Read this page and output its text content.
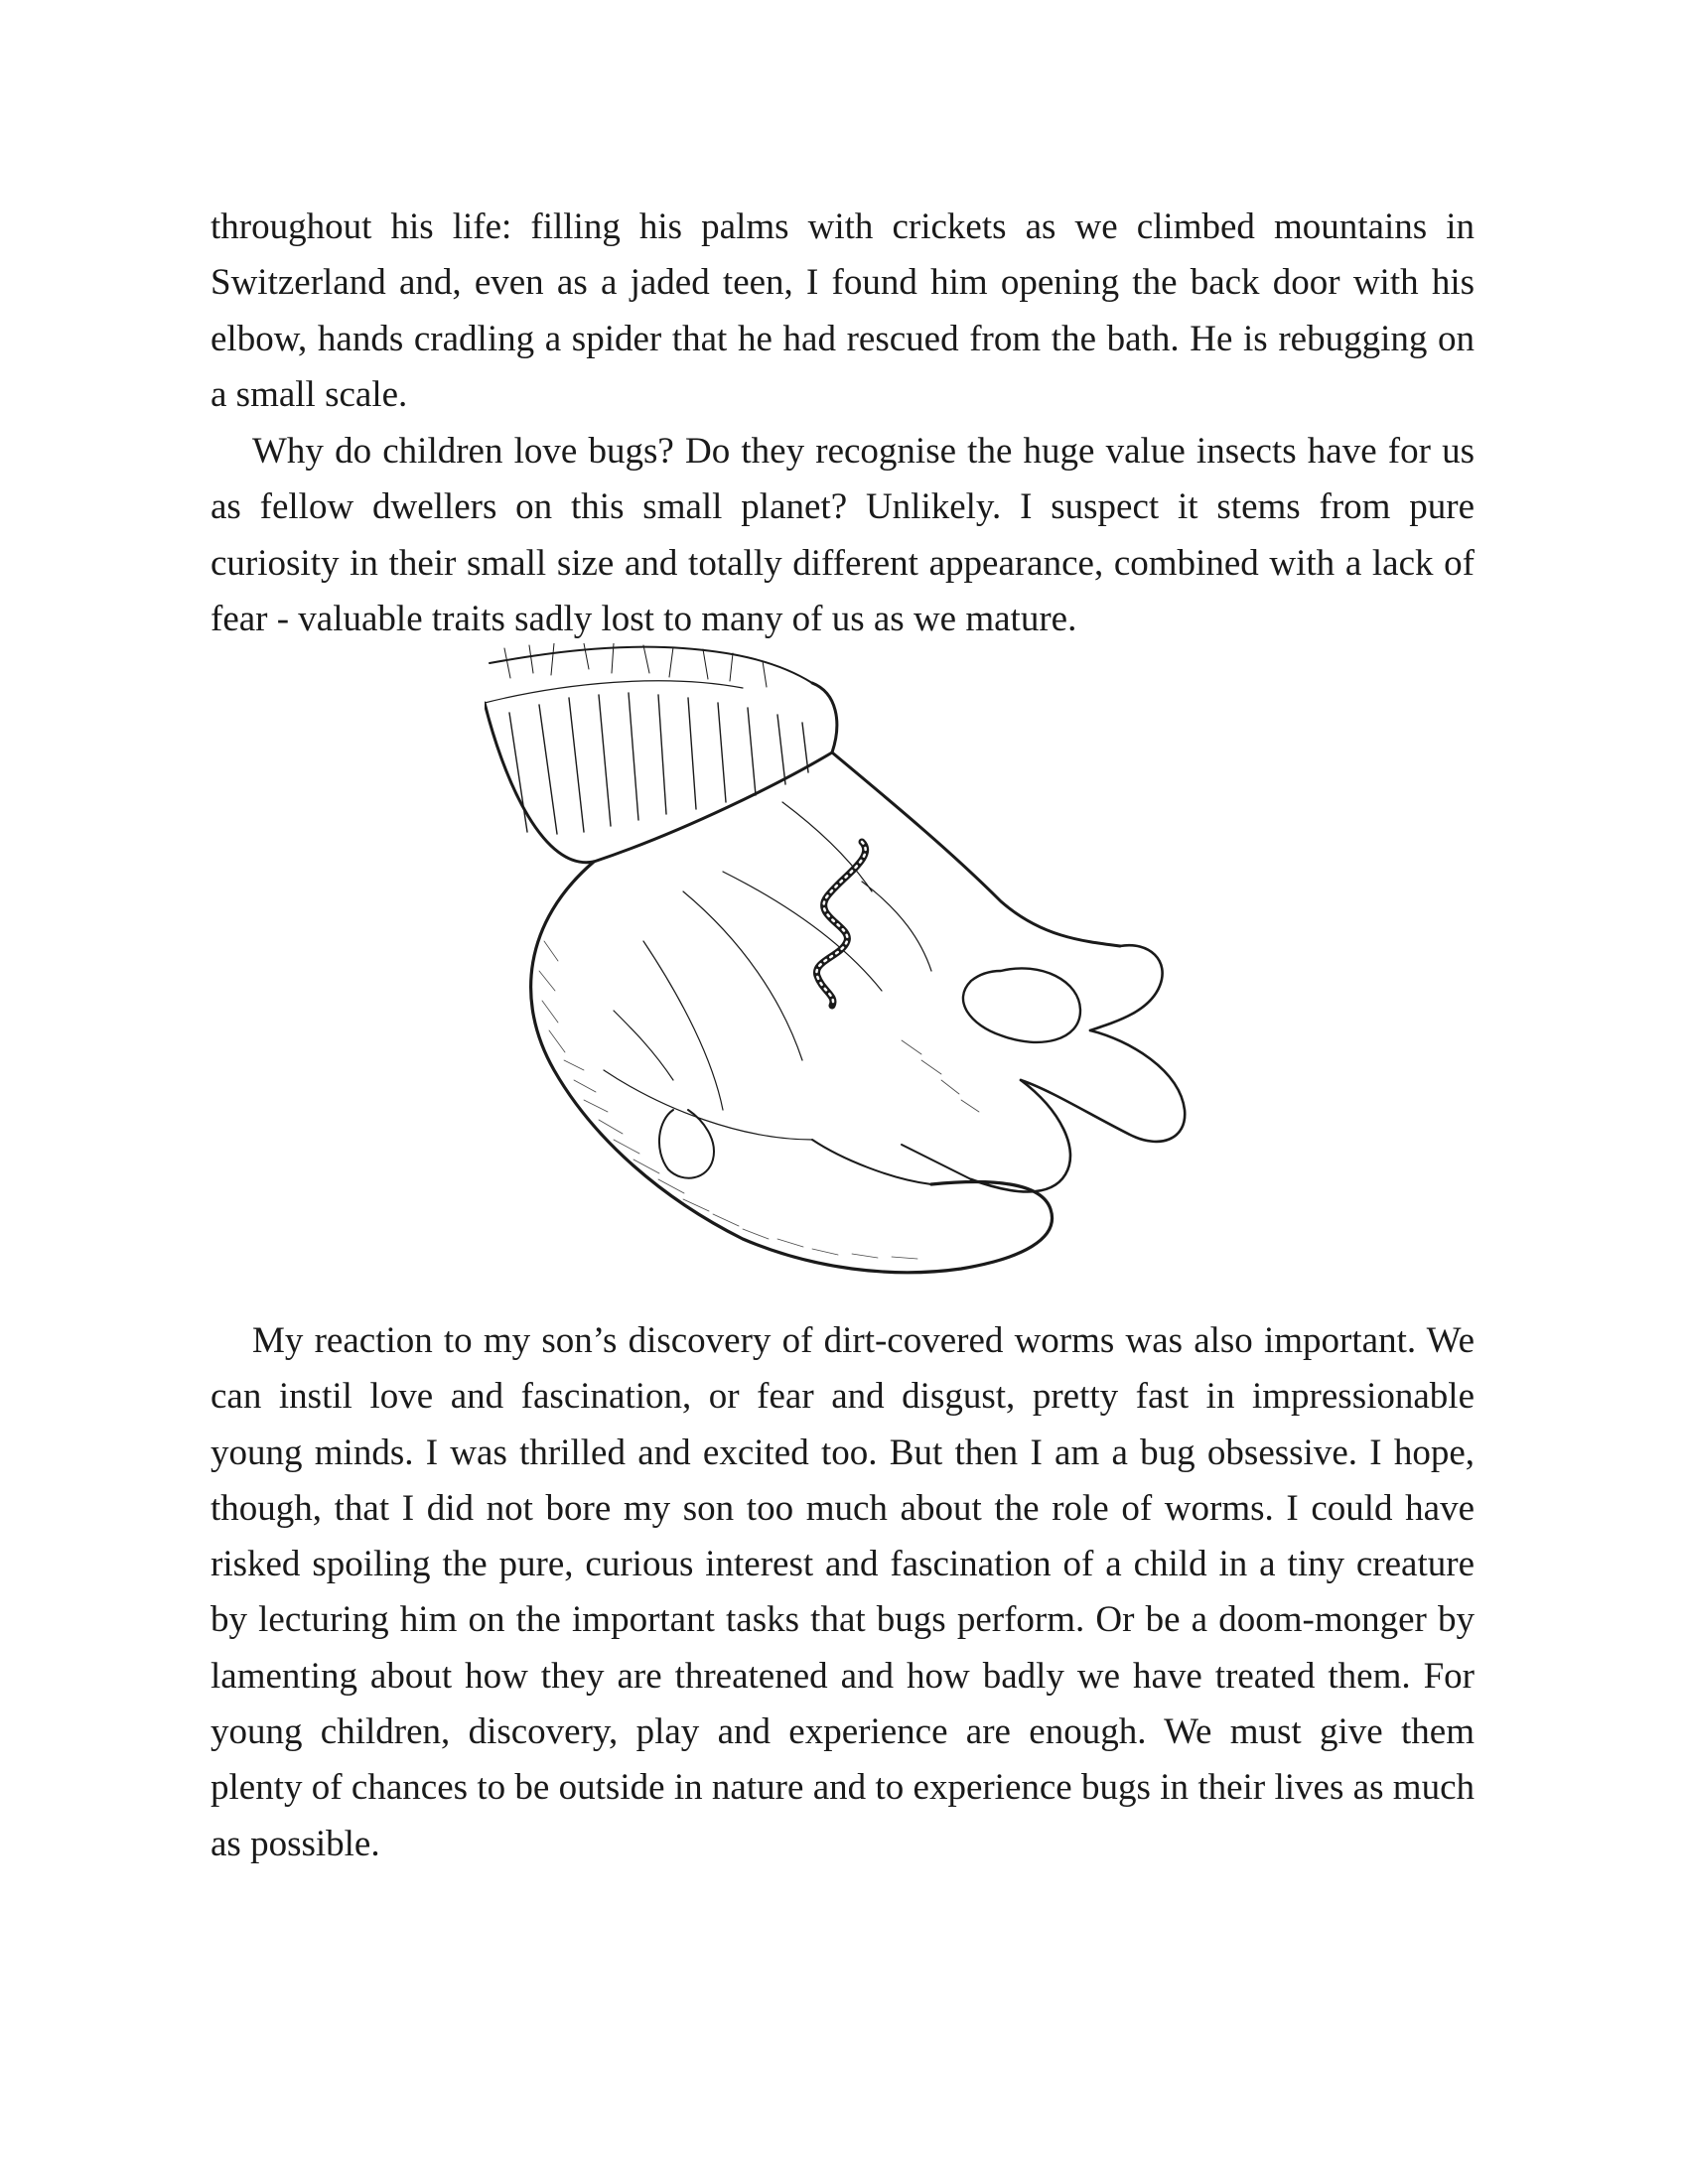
throughout his life: filling his palms with crickets as we climbed mountains in Switzerland and, even as a jaded teen, I found him opening the back door with his elbow, hands cradling a spider that he had rescued from the bath. He is rebugging on a small scale.

Why do children love bugs? Do they recognise the huge value insects have for us as fellow dwellers on this small planet? Unlikely. I suspect it stems from pure curiosity in their small size and totally different appearance, combined with a lack of fear - valuable traits sadly lost to many of us as we mature.

My reaction to my son’s discovery of dirt-covered worms was also important. We can instil love and fascination, or fear and disgust, pretty fast in impressionable young minds. I was thrilled and excited too. But then I am a bug obsessive. I hope, though, that I did not bore my son too much about the role of worms. I could have risked spoiling the pure, curious interest and fascination of a child in a tiny creature by lecturing him on the important tasks that bugs perform. Or be a doom-monger by lamenting about how they are threatened and how badly we have treated them. For young children, discovery, play and experience are enough. We must give them plenty of chances to be outside in nature and to experience bugs in their lives as much as possible.
